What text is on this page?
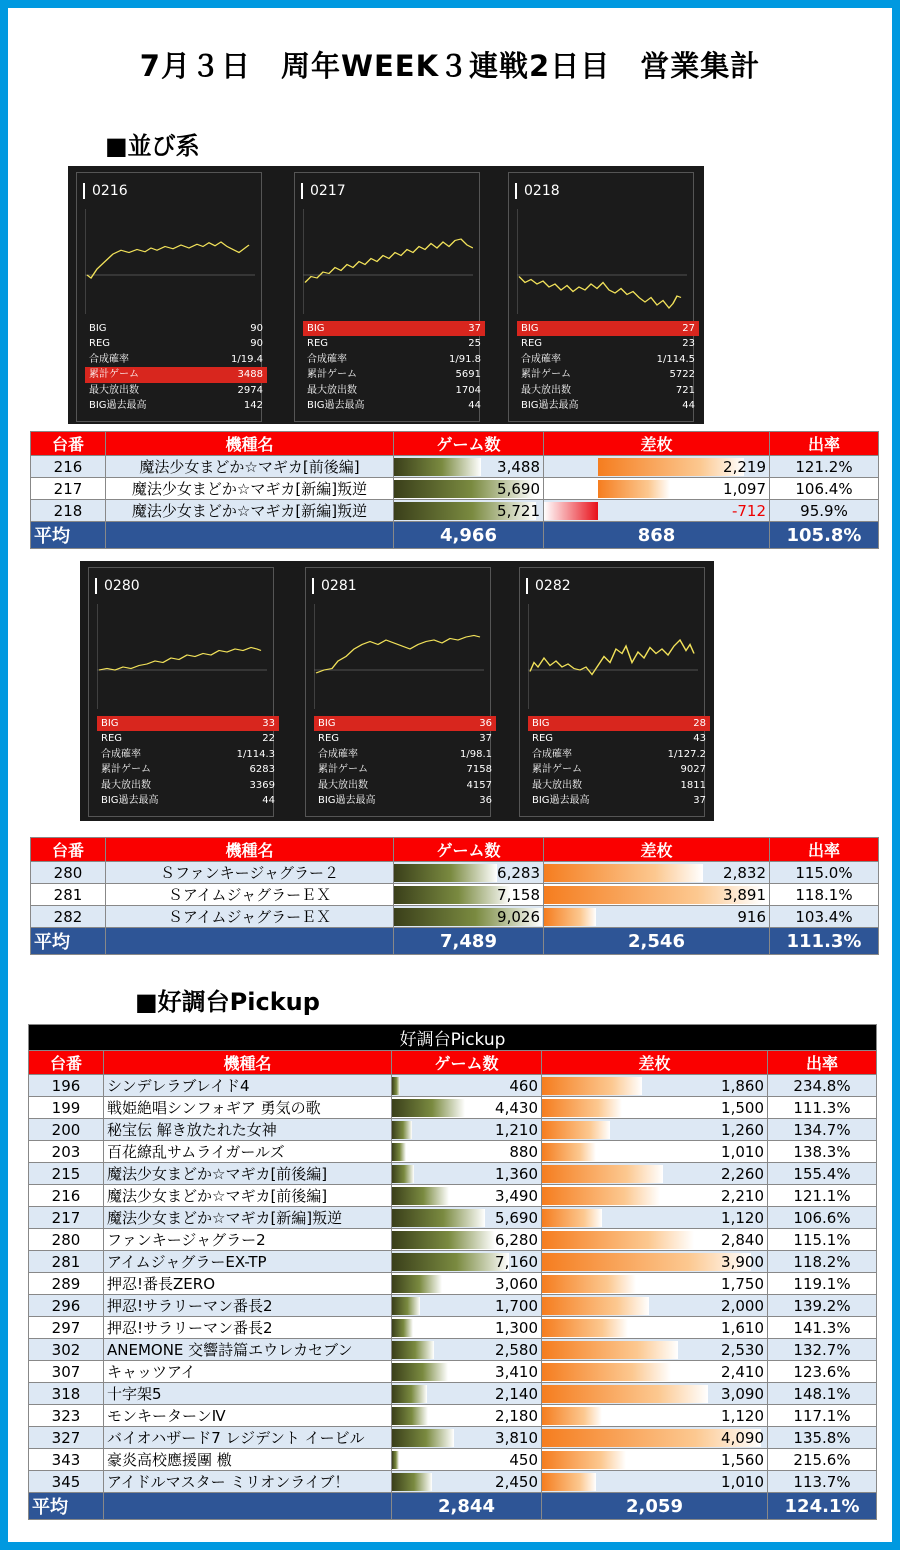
7月３日　周年WEEK３連戦2日目　営業集計
■並び系
0216
BIG	90
REG	90
合成確率	1/19.4
累計ゲーム	3488
最大放出数	2974
BIG過去最高	142
0217
BIG	37
REG	25
合成確率	1/91.8
累計ゲーム	5691
最大放出数	1704
BIG過去最高	44
0218
BIG	27
REG	23
合成確率	1/114.5
累計ゲーム	5722
最大放出数	721
BIG過去最高	44
台番	機種名	ゲーム数	差枚	出率
216	魔法少女まどか☆マギカ[前後編]	3,488	2,219	121.2%
217	魔法少女まどか☆マギカ[新編]叛逆	5,690	1,097	106.4%
218	魔法少女まどか☆マギカ[新編]叛逆	5,721	-712	95.9%
平均		4,966	868	105.8%
0280
BIG	33
REG	22
合成確率	1/114.3
累計ゲーム	6283
最大放出数	3369
BIG過去最高	44
0281
BIG	36
REG	37
合成確率	1/98.1
累計ゲーム	7158
最大放出数	4157
BIG過去最高	36
0282
BIG	28
REG	43
合成確率	1/127.2
累計ゲーム	9027
最大放出数	1811
BIG過去最高	37
台番	機種名	ゲーム数	差枚	出率
280	Ｓファンキージャグラー２	6,283	2,832	115.0%
281	ＳアイムジャグラーＥＸ	7,158	3,891	118.1%
282	ＳアイムジャグラーＥＸ	9,026	916	103.4%
平均		7,489	2,546	111.3%
■好調台Pickup
好調台Pickup				
台番	機種名	ゲーム数	差枚	出率
196	シンデレラブレイド4	460	1,860	234.8%
199	戦姫絶唱シンフォギア 勇気の歌	4,430	1,500	111.3%
200	秘宝伝 解き放たれた女神	1,210	1,260	134.7%
203	百花繚乱サムライガールズ	880	1,010	138.3%
215	魔法少女まどか☆マギカ[前後編]	1,360	2,260	155.4%
216	魔法少女まどか☆マギカ[前後編]	3,490	2,210	121.1%
217	魔法少女まどか☆マギカ[新編]叛逆	5,690	1,120	106.6%
280	ファンキージャグラー2	6,280	2,840	115.1%
281	アイムジャグラーEX-TP	7,160	3,900	118.2%
289	押忍!番長ZERO	3,060	1,750	119.1%
296	押忍!サラリーマン番長2	1,700	2,000	139.2%
297	押忍!サラリーマン番長2	1,300	1,610	141.3%
302	ANEMONE 交響詩篇エウレカセブン	2,580	2,530	132.7%
307	キャッツアイ	3,410	2,410	123.6%
318	十字架5	2,140	3,090	148.1%
323	モンキーターンⅣ	2,180	1,120	117.1%
327	バイオハザード7 レジデント イービル	3,810	4,090	135.8%
343	豪炎高校應援團 檄	450	1,560	215.6%
345	アイドルマスター ミリオンライブ！	2,450	1,010	113.7%
平均		2,844	2,059	124.1%
